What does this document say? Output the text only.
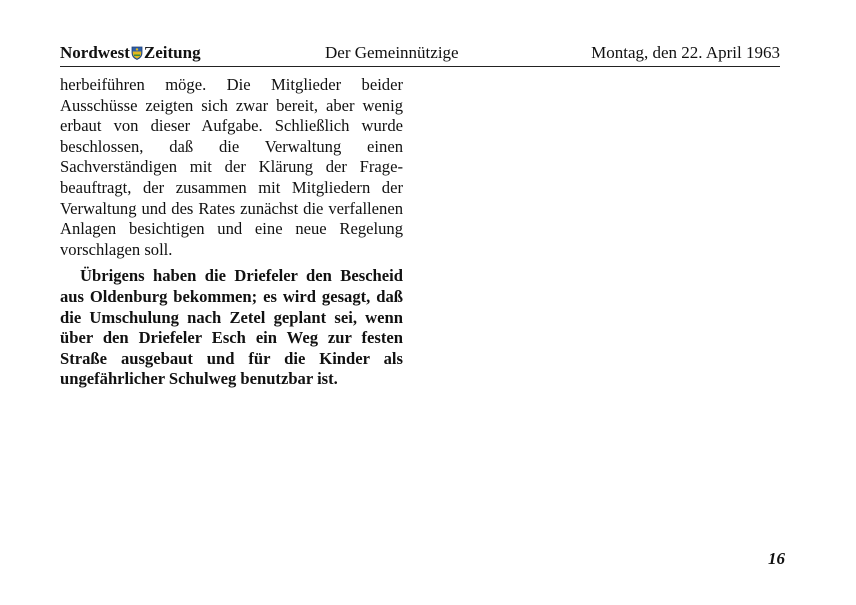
Nordwest Zeitung	Der Gemeinnützige	Montag, den 22. April 1963

herbeiführen möge. Die Mitglieder beider Ausschüsse zeigten sich zwar bereit, aber wenig erbaut von dieser Aufgabe. Schließlich wurde beschlossen, daß die Verwaltung einen Sachverständigen mit der Klärung der Fragebeauftragt, der zusammen mit Mitgliedern der Verwaltung und des Rates zunächst die verfallenen Anlagen besichtigen und eine neue Regelung vorschlagen soll.

Übrigens haben die Driefeler den Bescheid aus Oldenburg bekommen; es wird gesagt, daß die Umschulung nach Zetel geplant sei, wenn über den Driefeler Esch ein Weg zur festen Straße ausgebaut und für die Kinder als ungefährlicher Schulweg benutzbar ist.

16
